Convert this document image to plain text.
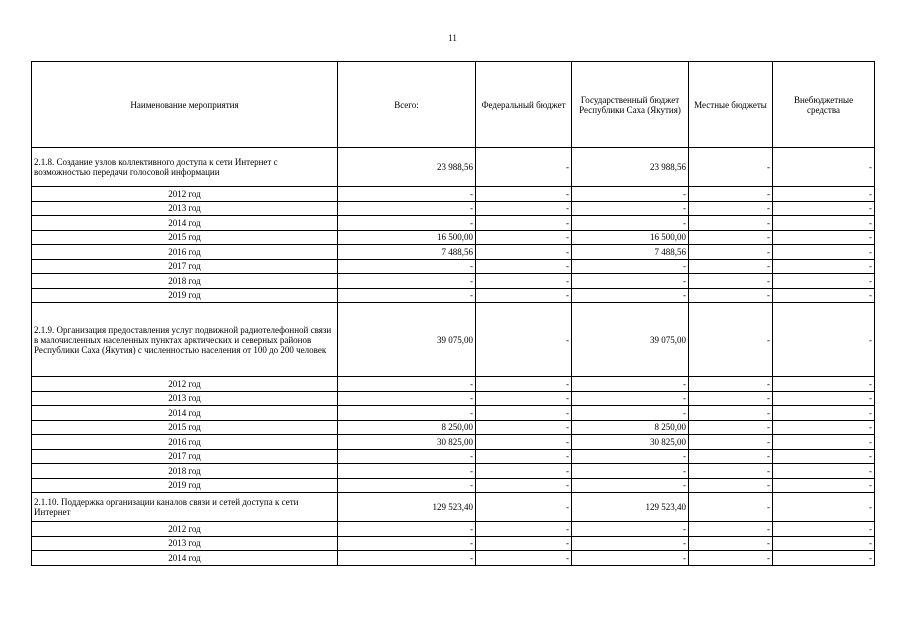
11
Наименование мероприятия	Всего:	Федеральный бюджет	Государственный бюджет Республики Саха (Якутия)	Местные бюджеты	Внебюджетные средства
2.1.8. Создание узлов коллективного доступа к сети Интернет с возможностью передачи голосовой информации	23 988,56	-	23 988,56	-	-
2012 год	-	-	-	-	-
2013 год	-	-	-	-	-
2014 год	-	-	-	-	-
2015 год	16 500,00	-	16 500,00	-	-
2016 год	7 488,56	-	7 488,56	-	-
2017 год	-	-	-	-	-
2018 год	-	-	-	-	-
2019 год	-	-	-	-	-
2.1.9. Организация предоставления услуг подвижной радиотелефонной связи в малочисленных населенных пунктах арктических и северных районов Республики Саха (Якутия) с численностью населения от 100 до 200 человек	39 075,00	-	39 075,00	-	-
2012 год	-	-	-	-	-
2013 год	-	-	-	-	-
2014 год	-	-	-	-	-
2015 год	8 250,00	-	8 250,00	-	-
2016 год	30 825,00	-	30 825,00	-	-
2017 год	-	-	-	-	-
2018 год	-	-	-	-	-
2019 год	-	-	-	-	-
2.1.10. Поддержка организации каналов связи и сетей доступа к сети Интернет	129 523,40	-	129 523,40	-	-
2012 год	-	-	-	-	-
2013 год	-	-	-	-	-
2014 год	-	-	-	-	-
